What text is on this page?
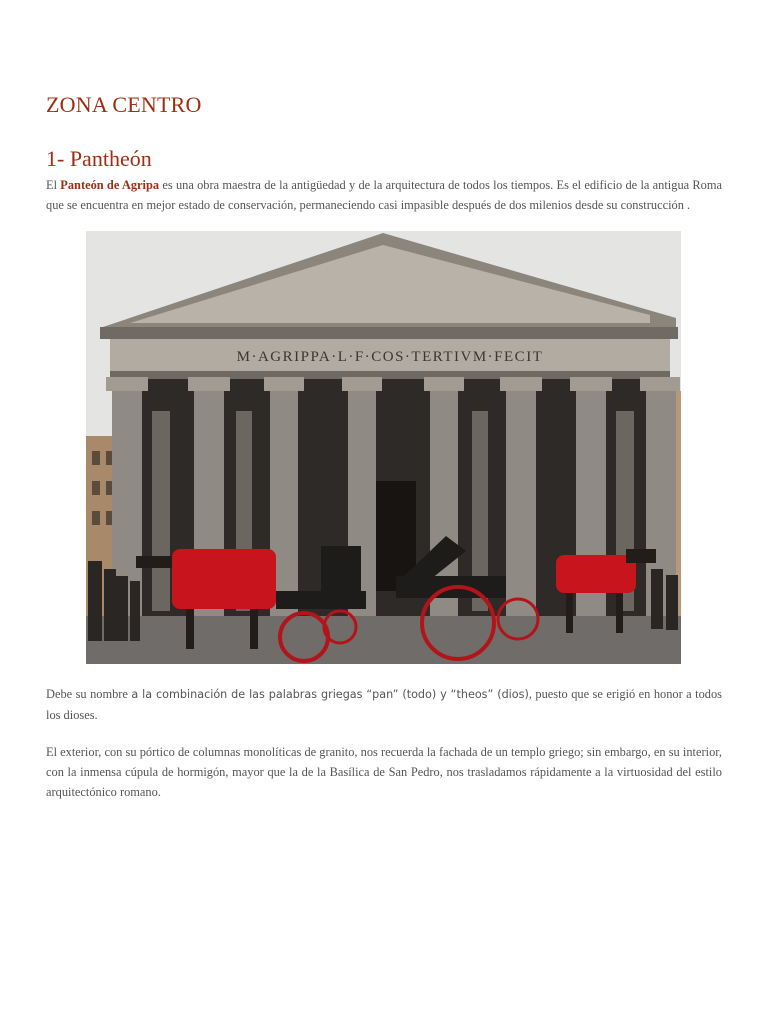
ZONA CENTRO
1- Pantheón

El Panteón de Agripa es una obra maestra de la antigüedad y de la arquitectura de todos los tiempos. Es el edificio de la antigua Roma que se encuentra en mejor estado de conservación, permaneciendo casi impasible después de dos milenios desde su construcción .

M·AGRIPPA·L·F·COS·TERTIVM·FECIT

Debe su nombre a la combinación de las palabras griegas “pan” (todo) y “theos” (dios), puesto que se erigió en honor a todos los dioses.

El exterior, con su pórtico de columnas monolíticas de granito, nos recuerda la fachada de un templo griego; sin embargo, en su interior, con la inmensa cúpula de hormigón, mayor que la de la Basílica de San Pedro, nos trasladamos rápidamente a la virtuosidad del estilo arquitectónico romano.
